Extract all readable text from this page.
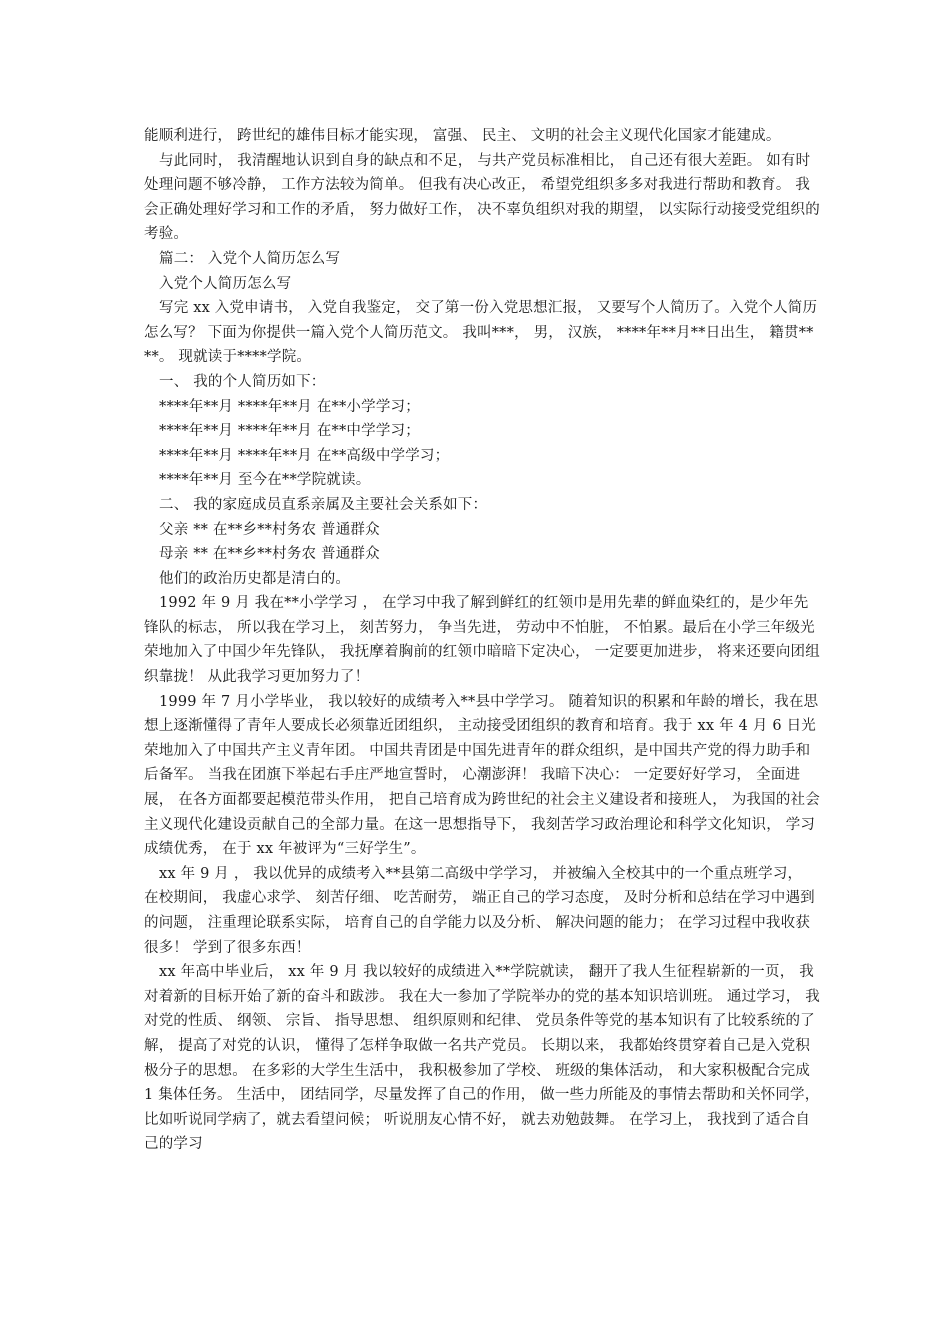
能顺利进行， 跨世纪的雄伟目标才能实现， 富强、 民主、 文明的社会主义现代化国家才能建成。

与此同时， 我清醒地认识到自身的缺点和不足， 与共产党员标准相比， 自己还有很大差距。 如有时处理问题不够冷静， 工作方法较为简单。 但我有决心改正， 希望党组织多多对我进行帮助和教育。 我会正确处理好学习和工作的矛盾， 努力做好工作， 决不辜负组织对我的期望， 以实际行动接受党组织的考验。

篇二： 入党个人简历怎么写

入党个人简历怎么写

写完 xx 入党申请书， 入党自我鉴定， 交了第一份入党思想汇报， 又要写个人简历了。入党个人简历怎么写？ 下面为你提供一篇入党个人简历范文。 我叫***， 男， 汉族， ****年**月**日出生， 籍贯****。 现就读于****学院。

一、 我的个人简历如下：

****年**月 ****年**月 在**小学学习；

****年**月 ****年**月 在**中学学习；

****年**月 ****年**月 在**高级中学学习；

****年**月 至今在**学院就读。

二、 我的家庭成员直系亲属及主要社会关系如下：

父亲 ** 在**乡**村务农 普通群众

母亲 ** 在**乡**村务农 普通群众

他们的政治历史都是清白的。

1992 年 9 月 我在**小学学习 ， 在学习中我了解到鲜红的红领巾是用先辈的鲜血染红的，是少年先锋队的标志， 所以我在学习上， 刻苦努力， 争当先进， 劳动中不怕脏， 不怕累。最后在小学三年级光荣地加入了中国少年先锋队， 我抚摩着胸前的红领巾暗暗下定决心， 一定要更加进步， 将来还要向团组织靠拢！ 从此我学习更加努力了！

1999 年 7 月小学毕业， 我以较好的成绩考入**县中学学习。 随着知识的积累和年龄的增长，我在思想上逐渐懂得了青年人要成长必须靠近团组织， 主动接受团组织的教育和培育。我于 xx 年 4 月 6 日光荣地加入了中国共产主义青年团。 中国共青团是中国先进青年的群众组织，是中国共产党的得力助手和后备军。 当我在团旗下举起右手庄严地宣誓时， 心潮澎湃！ 我暗下决心： 一定要好好学习， 全面进展， 在各方面都要起模范带头作用， 把自己培育成为跨世纪的社会主义建设者和接班人， 为我国的社会主义现代化建设贡献自己的全部力量。在这一思想指导下， 我刻苦学习政治理论和科学文化知识， 学习成绩优秀， 在于 xx 年被评为“三好学生”。

xx 年 9 月 ， 我以优异的成绩考入**县第二高级中学学习， 并被编入全校其中的一个重点班学习， 在校期间， 我虚心求学、 刻苦仔细、 吃苦耐劳， 端正自己的学习态度， 及时分析和总结在学习中遇到的问题， 注重理论联系实际， 培育自己的自学能力以及分析、 解决问题的能力； 在学习过程中我收获很多！ 学到了很多东西！

xx 年高中毕业后， xx 年 9 月 我以较好的成绩进入**学院就读， 翻开了我人生征程崭新的一页， 我对着新的目标开始了新的奋斗和跋涉。 我在大一参加了学院举办的党的基本知识培训班。 通过学习， 我对党的性质、 纲领、 宗旨、 指导思想、 组织原则和纪律、 党员条件等党的基本知识有了比较系统的了解， 提高了对党的认识， 懂得了怎样争取做一名共产党员。 长期以来， 我都始终贯穿着自己是入党积极分子的思想。 在多彩的大学生生活中， 我积极参加了学校、 班级的集体活动， 和大家积极配合完成 1 集体任务。 生活中， 团结同学，尽量发挥了自己的作用， 做一些力所能及的事情去帮助和关怀同学， 比如听说同学病了，就去看望问候； 听说朋友心情不好， 就去劝勉鼓舞。 在学习上， 我找到了适合自己的学习
